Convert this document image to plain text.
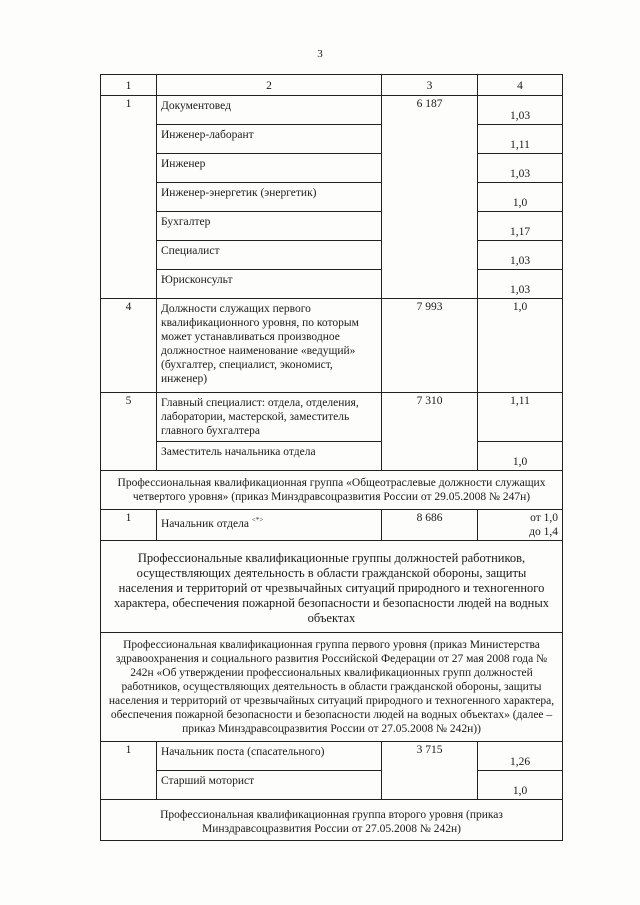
3
1	2	3	4
1	Документовед	6 187	1,03
	Инженер-лаборант		1,11
	Инженер		1,03
	Инженер-энергетик (энергетик)		1,0
	Бухгалтер		1,17
	Специалист		1,03
	Юрисконсульт		1,03
4	Должности служащих первого квалификационного уровня, по которым может устанавливаться производное должностное наименование «ведущий» (бухгалтер, специалист, экономист, инженер)	7 993	1,0
5	Главный специалист: отдела, отделения, лаборатории, мастерской, заместитель главного бухгалтера	7 310	1,11
	Заместитель начальника отдела		1,0
Профессиональная квалификационная группа «Общеотраслевые должности служащих четвертого уровня» (приказ Минздравсоцразвития России от 29.05.2008 № 247н)			
1	Начальник отдела <*>	8 686	от 1,0
до 1,4

Профессиональные квалификационные группы должностей работников, осуществляющих деятельность в области гражданской обороны, защиты населения и территорий от чрезвычайных ситуаций природного и техногенного характера, обеспечения пожарной безопасности и безопасности людей на водных объектах			
Профессиональная квалификационная группа первого уровня (приказ Министерства здравоохранения и социального развития Российской Федерации от 27 мая 2008 года № 242н «Об утверждении профессиональных квалификационных групп должностей работников, осуществляющих деятельность в области гражданской обороны, защиты населения и территорий от чрезвычайных ситуаций природного и техногенного характера, обеспечения пожарной безопасности и безопасности людей на водных объектах» (далее – приказ Минздравсоцразвития России от 27.05.2008 № 242н))			
1	Начальник поста (спасательного)	3 715	1,26
	Старший моторист		1,0
Профессиональная квалификационная группа второго уровня (приказ Минздравсоцразвития России от 27.05.2008 № 242н)			
